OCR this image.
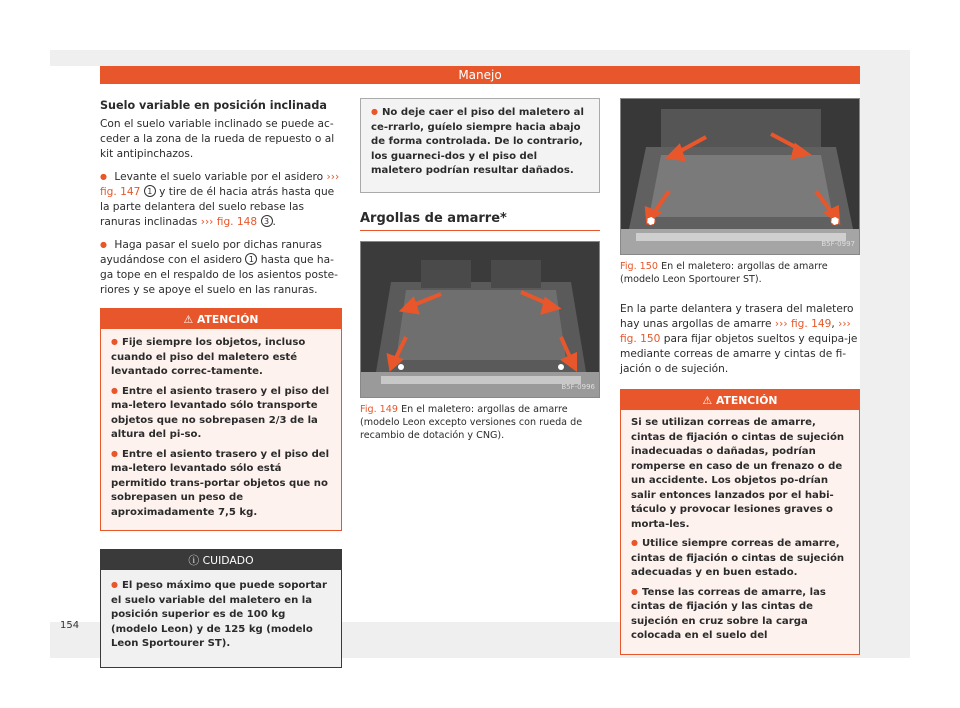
Manejo
Suelo variable en posición inclinada

Con el suelo variable inclinado se puede ac-ceder a la zona de la rueda de repuesto o al kit antipinchazos.

● Levante el suelo variable por el asidero ››› fig. 147 1 y tire de él hacia atrás hasta que la parte delantera del suelo rebase las ranuras inclinadas ››› fig. 148 3 .

● Haga pasar el suelo por dichas ranuras ayudándose con el asidero 1 hasta que ha-ga tope en el respaldo de los asientos poste-riores y se apoye el suelo en las ranuras.

⚠ ATENCIÓN

● Fije siempre los objetos, incluso cuando el piso del maletero esté levantado correc-tamente.

● Entre el asiento trasero y el piso del ma-letero levantado sólo transporte objetos que no sobrepasen 2/3 de la altura del pi-so.

● Entre el asiento trasero y el piso del ma-letero levantado sólo está permitido trans-portar objetos que no sobrepasen un peso de aproximadamente 7,5 kg.

ⓘ CUIDADO

● El peso máximo que puede soportar el suelo variable del maletero en la posición superior es de 100 kg (modelo Leon) y de 125 kg (modelo Leon Sportourer ST).

● No deje caer el piso del maletero al ce-rrarlo, guíelo siempre hacia abajo de forma controlada. De lo contrario, los guarneci-dos y el piso del maletero podrían resultar dañados.

Argollas de amarre*
B5F-0996
Fig. 149 En el maletero: argollas de amarre (modelo Leon excepto versiones con rueda de recambio de dotación y CNG).
B5F-0997
Fig. 150 En el maletero: argollas de amarre (modelo Leon Sportourer ST).

En la parte delantera y trasera del maletero hay unas argollas de amarre ››› fig. 149, ››› fig. 150 para fijar objetos sueltos y equipa-je mediante correas de amarre y cintas de fi-jación o de sujeción.

⚠ ATENCIÓN

Si se utilizan correas de amarre, cintas de fijación o cintas de sujeción inadecuadas o dañadas, podrían romperse en caso de un frenazo o de un accidente. Los objetos po-drían salir entonces lanzados por el habi-táculo y provocar lesiones graves o morta-les.

● Utilice siempre correas de amarre, cintas de fijación o cintas de sujeción adecuadas y en buen estado.

● Tense las correas de amarre, las cintas de fijación y las cintas de sujeción en cruz sobre la carga colocada en el suelo del

154
